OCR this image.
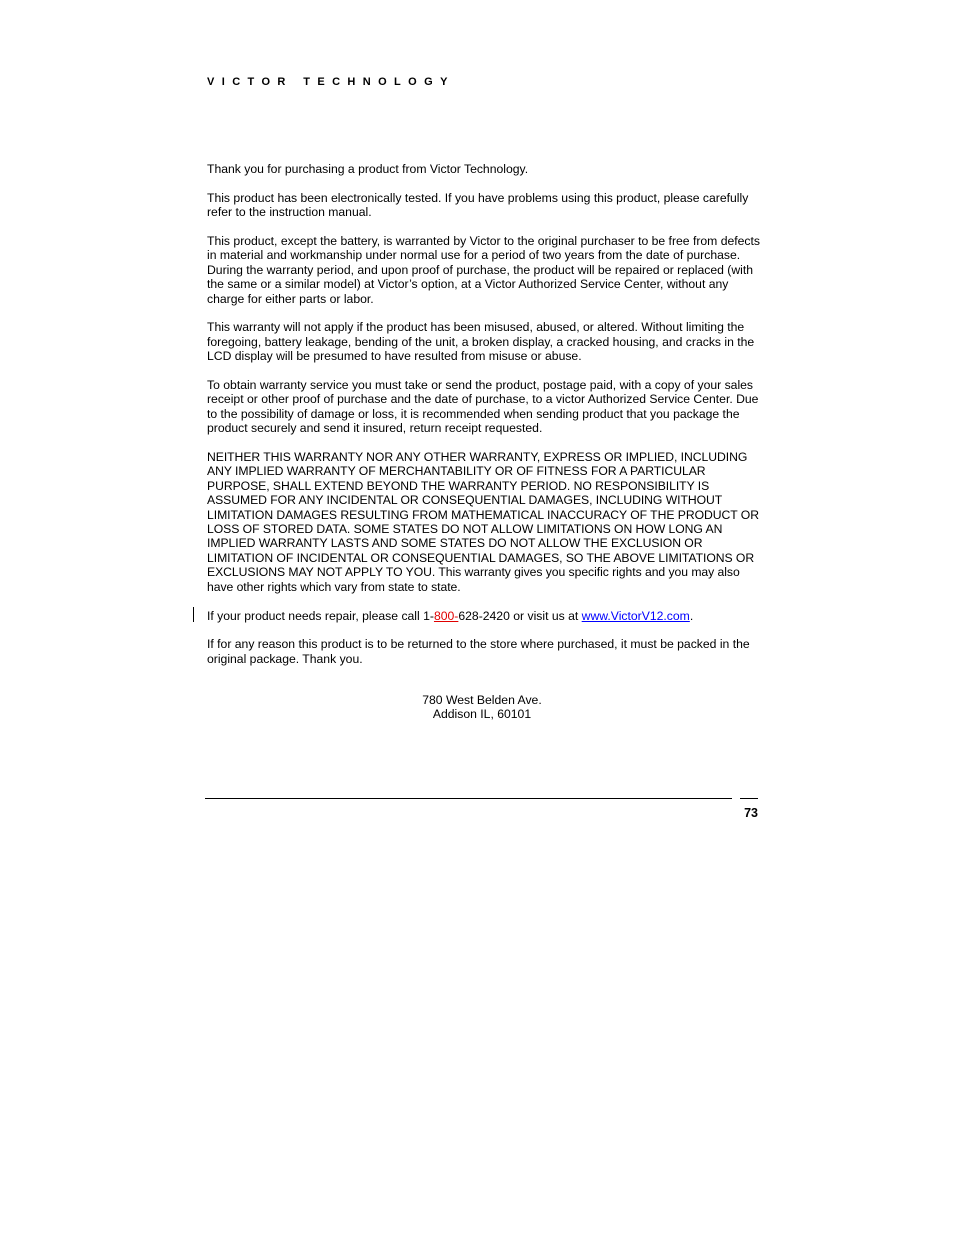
VICTOR TECHNOLOGY

Thank you for purchasing a product from Victor Technology.

This product has been electronically tested. If you have problems using this product, please carefully refer to the instruction manual.

This product, except the battery, is warranted by Victor to the original purchaser to be free from defects in material and workmanship under normal use for a period of two years from the date of purchase. During the warranty period, and upon proof of purchase, the product will be repaired or replaced (with the same or a similar model) at Victor’s option, at a Victor Authorized Service Center, without any charge for either parts or labor.

This warranty will not apply if the product has been misused, abused, or altered. Without limiting the foregoing, battery leakage, bending of the unit, a broken display, a cracked housing, and cracks in the LCD display will be presumed to have resulted from misuse or abuse.

To obtain warranty service you must take or send the product, postage paid, with a copy of your sales receipt or other proof of purchase and the date of purchase, to a victor Authorized Service Center. Due to the possibility of damage or loss, it is recommended when sending product that you package the product securely and send it insured, return receipt requested.

NEITHER THIS WARRANTY NOR ANY OTHER WARRANTY, EXPRESS OR IMPLIED, INCLUDING ANY IMPLIED WARRANTY OF MERCHANTABILITY OR OF FITNESS FOR A PARTICULAR PURPOSE, SHALL EXTEND BEYOND THE WARRANTY PERIOD. NO RESPONSIBILITY IS ASSUMED FOR ANY INCIDENTAL OR CONSEQUENTIAL DAMAGES, INCLUDING WITHOUT LIMITATION DAMAGES RESULTING FROM MATHEMATICAL INACCURACY OF THE PRODUCT OR LOSS OF STORED DATA. SOME STATES DO NOT ALLOW LIMITATIONS ON HOW LONG AN IMPLIED WARRANTY LASTS AND SOME STATES DO NOT ALLOW THE EXCLUSION OR LIMITATION OF INCIDENTAL OR CONSEQUENTIAL DAMAGES, SO THE ABOVE LIMITATIONS OR EXCLUSIONS MAY NOT APPLY TO YOU. This warranty gives you specific rights and you may also have other rights which vary from state to state.

If your product needs repair, please call 1-800-628-2420 or visit us at www.VictorV12.com.

If for any reason this product is to be returned to the store where purchased, it must be packed in the original package. Thank you.

780 West Belden Ave.
Addison IL, 60101
73
